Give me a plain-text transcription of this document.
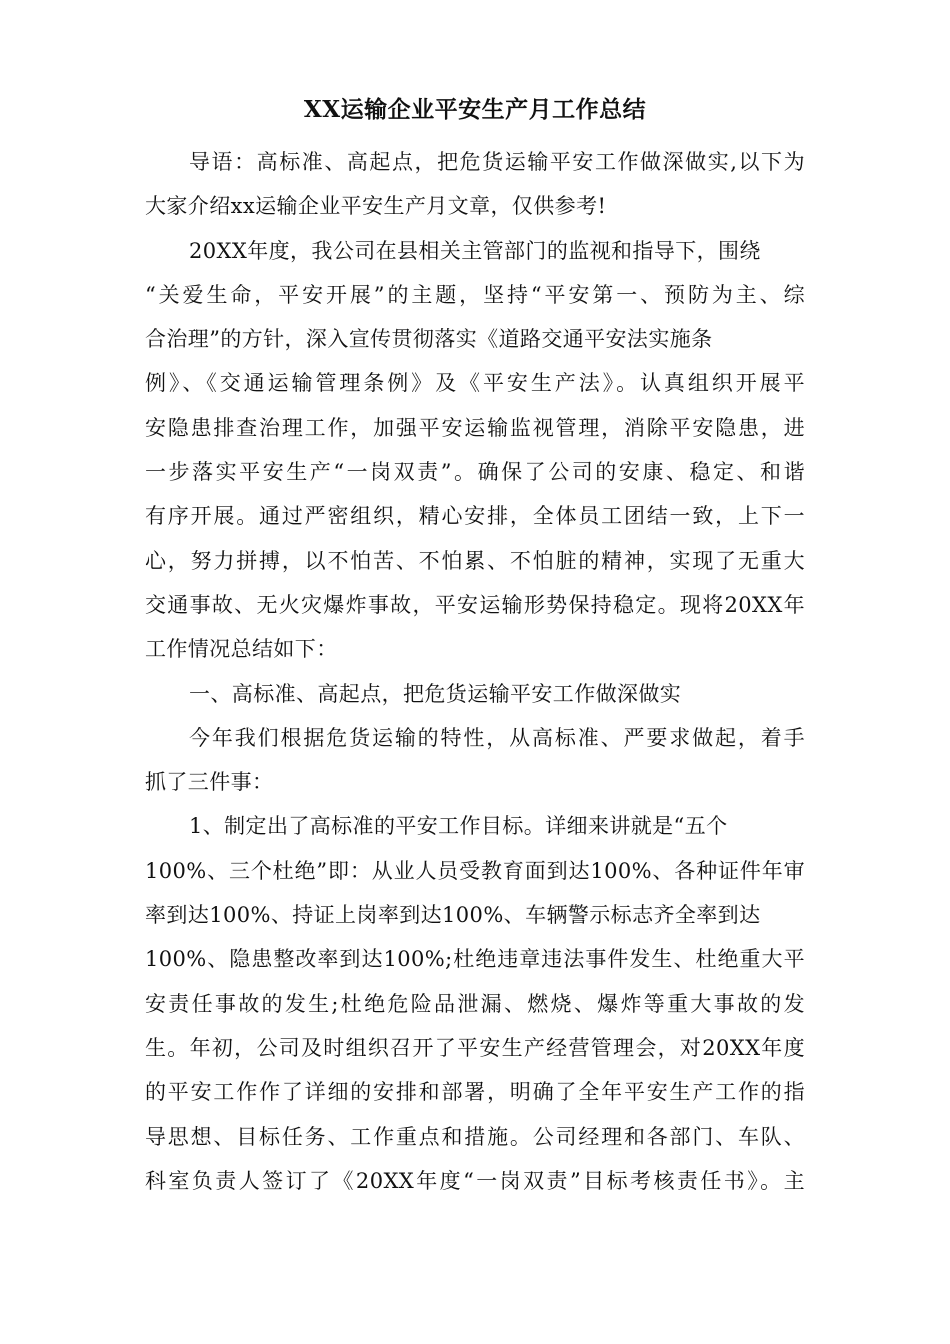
XX运输企业平安生产月工作总结
导语：高标准、高起点，把危货运输平安工作做深做实,以下为
大家介绍xx运输企业平安生产月文章，仅供参考!
20XX年度，我公司在县相关主管部门的监视和指导下，围绕
“关爱生命，平安开展”的主题，坚持“平安第一、预防为主、综
合治理”的方针，深入宣传贯彻落实《道路交通平安法实施条
例》、《交通运输管理条例》及《平安生产法》。认真组织开展平
安隐患排查治理工作，加强平安运输监视管理，消除平安隐患，进
一步落实平安生产“一岗双责”。确保了公司的安康、稳定、和谐
有序开展。通过严密组织，精心安排，全体员工团结一致，上下一
心，努力拼搏，以不怕苦、不怕累、不怕脏的精神，实现了无重大
交通事故、无火灾爆炸事故，平安运输形势保持稳定。现将20XX年
工作情况总结如下：
一、高标准、高起点，把危货运输平安工作做深做实
今年我们根据危货运输的特性，从高标准、严要求做起，着手
抓了三件事：
1、制定出了高标准的平安工作目标。详细来讲就是“五个
100%、三个杜绝”即：从业人员受教育面到达100%、各种证件年审
率到达100%、持证上岗率到达100%、车辆警示标志齐全率到达
100%、隐患整改率到达100%;杜绝违章违法事件发生、杜绝重大平
安责任事故的发生;杜绝危险品泄漏、燃烧、爆炸等重大事故的发
生。年初，公司及时组织召开了平安生产经营管理会，对20XX年度
的平安工作作了详细的安排和部署，明确了全年平安生产工作的指
导思想、目标任务、工作重点和措施。公司经理和各部门、车队、
科室负责人签订了《20XX年度“一岗双责”目标考核责任书》。主
